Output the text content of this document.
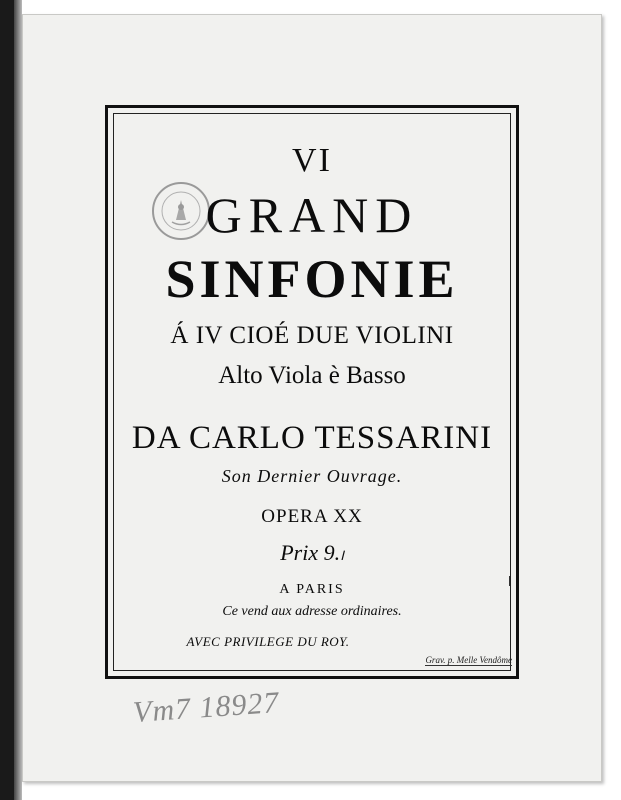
VI
GRAND
SINFONIE
Á IV CIOÉ DUE VIOLINI
Alto Viola è Basso
DA CARLO TESSARINI
Son Dernier Ouvrage.
OPERA XX
Prix 9.ₗ
A PARIS
Ce vend aux adresse ordinaires.
AVEC PRIVILEGE DU ROY.
Grav. p. Melle Vendôme
Vm7 18927
